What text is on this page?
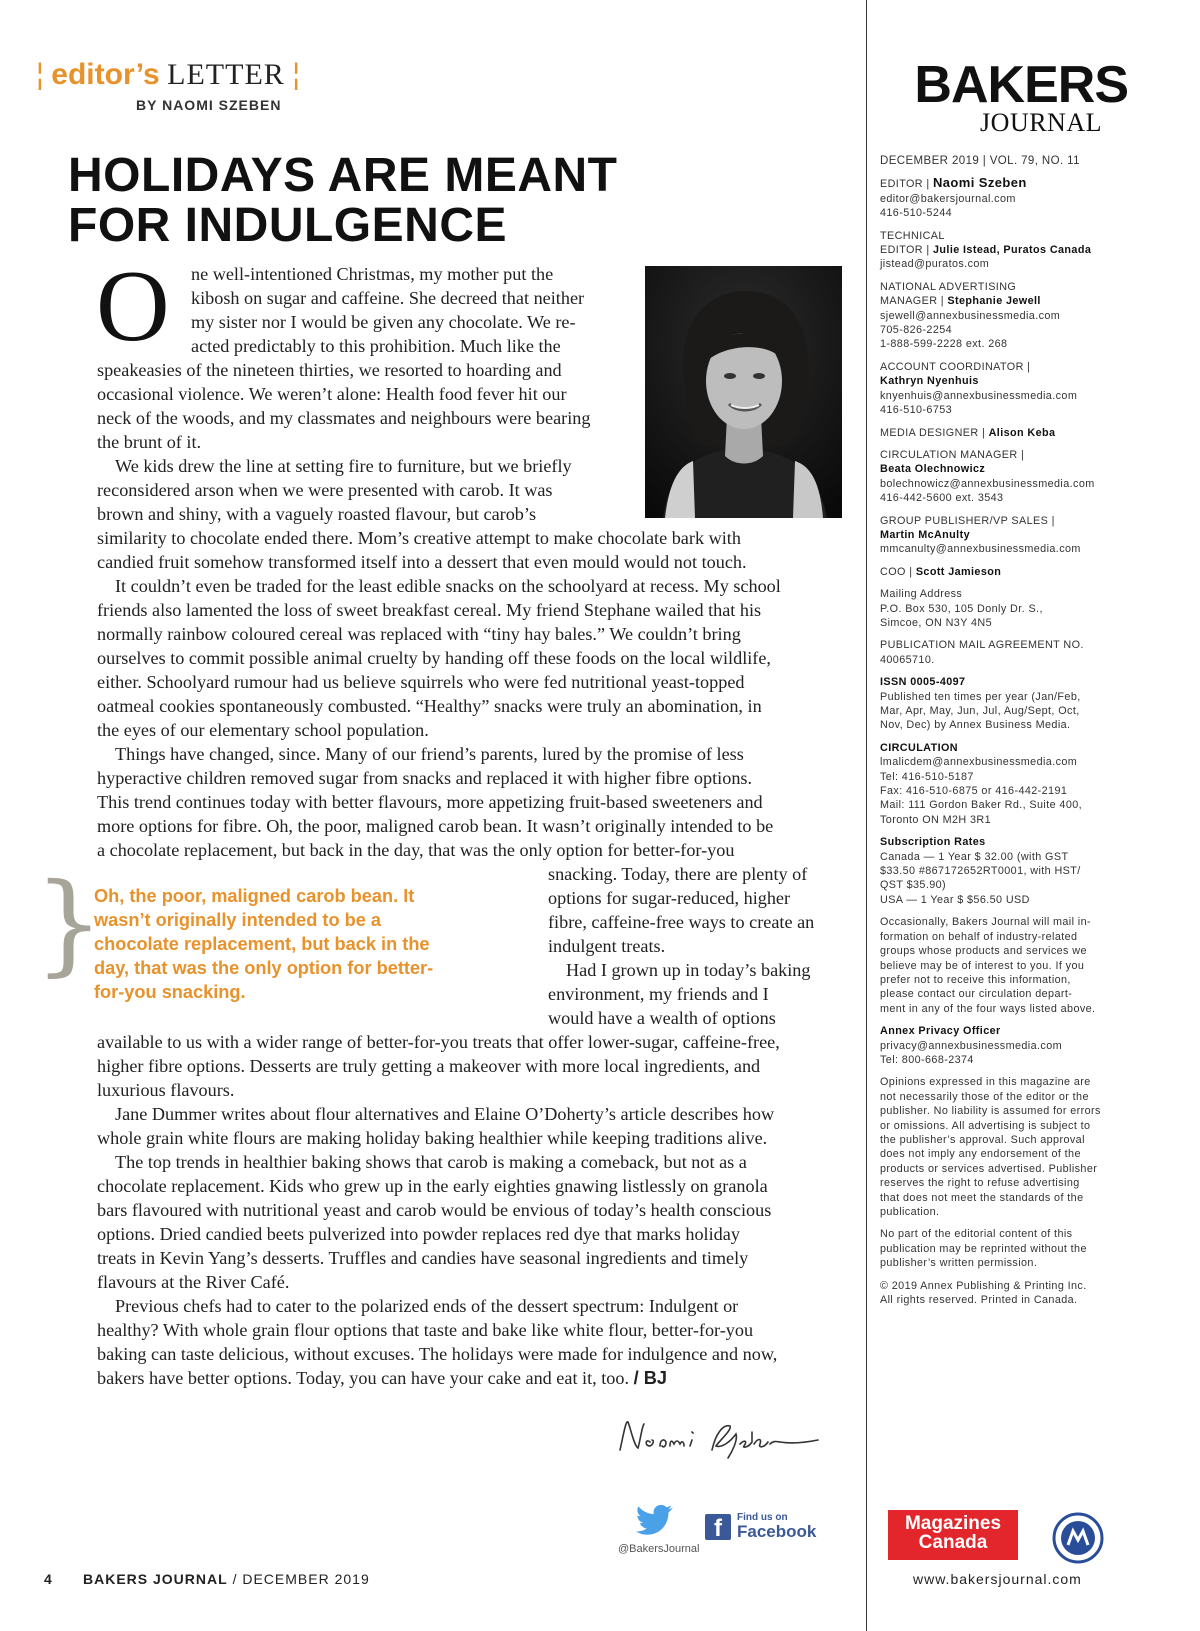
¦ editor’s LETTER ¦
BY NAOMI SZEBEN
HOLIDAYS ARE MEANT
FOR INDULGENCE
O ne well-intentioned Christmas, my mother put the
kibosh on sugar and caffeine. She decreed that neither
my sister nor I would be given any chocolate. We re-
acted predictably to this prohibition. Much like the
speakeasies of the nineteen thirties, we resorted to hoarding and
occasional violence. We weren’t alone: Health food fever hit our
neck of the woods, and my classmates and neighbours were bearing
the brunt of it.
We kids drew the line at setting fire to furniture, but we briefly
reconsidered arson when we were presented with carob. It was
brown and shiny, with a vaguely roasted flavour, but carob’s
similarity to chocolate ended there. Mom’s creative attempt to make chocolate bark with
candied fruit somehow transformed itself into a dessert that even mould would not touch.
It couldn’t even be traded for the least edible snacks on the schoolyard at recess. My school
friends also lamented the loss of sweet breakfast cereal. My friend Stephane wailed that his
normally rainbow coloured cereal was replaced with “tiny hay bales.” We couldn’t bring
ourselves to commit possible animal cruelty by handing off these foods on the local wildlife,
either. Schoolyard rumour had us believe squirrels who were fed nutritional yeast-topped
oatmeal cookies spontaneously combusted. “Healthy” snacks were truly an abomination, in
the eyes of our elementary school population.
Things have changed, since. Many of our friend’s parents, lured by the promise of less
hyperactive children removed sugar from snacks and replaced it with higher fibre options.
This trend continues today with better flavours, more appetizing fruit-based sweeteners and
more options for fibre. Oh, the poor, maligned carob bean. It wasn’t originally intended to be
a chocolate replacement, but back in the day, that was the only option for better-for-you
}
Oh, the poor, maligned carob bean. It
wasn’t originally intended to be a
chocolate replacement, but back in the
day, that was the only option for better-
for-you snacking.
snacking. Today, there are plenty of
options for sugar-reduced, higher
fibre, caffeine-free ways to create an
indulgent treats.
Had I grown up in today’s baking
environment, my friends and I
would have a wealth of options
available to us with a wider range of better-for-you treats that offer lower-sugar, caffeine-free,
higher fibre options. Desserts are truly getting a makeover with more local ingredients, and
luxurious flavours.
Jane Dummer writes about flour alternatives and Elaine O’Doherty’s article describes how
whole grain white flours are making holiday baking healthier while keeping traditions alive.
The top trends in healthier baking shows that carob is making a comeback, but not as a
chocolate replacement. Kids who grew up in the early eighties gnawing listlessly on granola
bars flavoured with nutritional yeast and carob would be envious of today’s health conscious
options. Dried candied beets pulverized into powder replaces red dye that marks holiday
treats in Kevin Yang’s desserts. Truffles and candies have seasonal ingredients and timely
flavours at the River Café.
Previous chefs had to cater to the polarized ends of the dessert spectrum: Indulgent or
healthy? With whole grain flour options that taste and bake like white flour, better-for-you
baking can taste delicious, without excuses. The holidays were made for indulgence and now,
bakers have better options. Today, you can have your cake and eat it, too. / BJ
@BakersJournal
f	Find us on
Facebook
BAKERS
JOURNAL
DECEMBER 2019 | VOL. 79, NO. 11
EDITOR | Naomi Szeben
editor@bakersjournal.com
416-510-5244
TECHNICAL
EDITOR | Julie Istead, Puratos Canada
jistead@puratos.com
NATIONAL ADVERTISING
MANAGER | Stephanie Jewell
sjewell@annexbusinessmedia.com
705-826-2254
1-888-599-2228 ext. 268
ACCOUNT COORDINATOR |
Kathryn Nyenhuis
knyenhuis@annexbusinessmedia.com
416-510-6753
MEDIA DESIGNER | Alison Keba
CIRCULATION MANAGER |
Beata Olechnowicz
bolechnowicz@annexbusinessmedia.com
416-442-5600 ext. 3543
GROUP PUBLISHER/VP SALES |
Martin McAnulty
mmcanulty@annexbusinessmedia.com
COO | Scott Jamieson
Mailing Address
P.O. Box 530, 105 Donly Dr. S.,
Simcoe, ON N3Y 4N5
PUBLICATION MAIL AGREEMENT NO.
40065710.
ISSN 0005-4097
Published ten times per year (Jan/Feb,
Mar, Apr, May, Jun, Jul, Aug/Sept, Oct,
Nov, Dec) by Annex Business Media.
CIRCULATION
lmalicdem@annexbusinessmedia.com
Tel: 416-510-5187
Fax: 416-510-6875 or 416-442-2191
Mail: 111 Gordon Baker Rd., Suite 400,
Toronto ON M2H 3R1
Subscription Rates
Canada — 1 Year $ 32.00 (with GST
$33.50 #867172652RT0001, with HST/
QST $35.90)
USA — 1 Year $ $56.50 USD
Occasionally, Bakers Journal will mail in-
formation on behalf of industry-related
groups whose products and services we
believe may be of interest to you. If you
prefer not to receive this information,
please contact our circulation depart-
ment in any of the four ways listed above.
Annex Privacy Officer
privacy@annexbusinessmedia.com
Tel: 800-668-2374
Opinions expressed in this magazine are
not necessarily those of the editor or the
publisher. No liability is assumed for errors
or omissions. All advertising is subject to
the publisher’s approval. Such approval
does not imply any endorsement of the
products or services advertised. Publisher
reserves the right to refuse advertising
that does not meet the standards of the
publication.
No part of the editorial content of this
publication may be reprinted without the
publisher’s written permission.
© 2019 Annex Publishing & Printing Inc.
All rights reserved. Printed in Canada.
Magazines
Canada
4 BAKERS JOURNAL / DECEMBER 2019	www.bakersjournal.com
